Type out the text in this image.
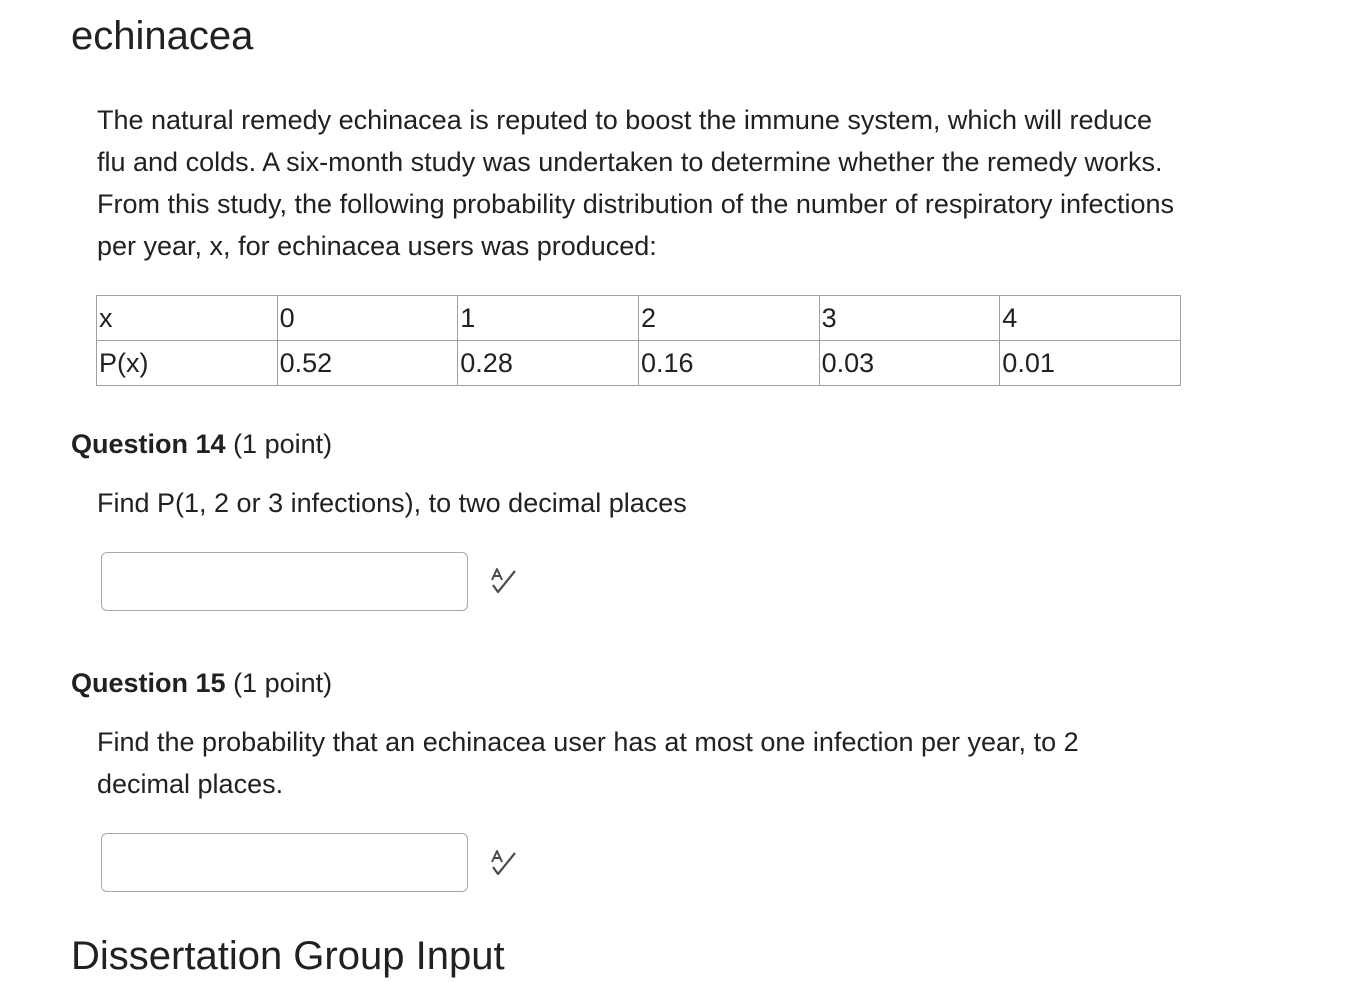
echinacea

The natural remedy echinacea is reputed to boost the immune system, which will reduce flu and colds. A six-month study was undertaken to determine whether the remedy works. From this study, the following probability distribution of the number of respiratory infections per year, x, for echinacea users was produced:

x	0	1	2	3	4
P(x)	0.52	0.28	0.16	0.03	0.01
Question 14 (1 point)

Find P(1, 2 or 3 infections), to two decimal places

Question 15 (1 point)

Find the probability that an echinacea user has at most one infection per year, to 2 decimal places.

Dissertation Group Input
